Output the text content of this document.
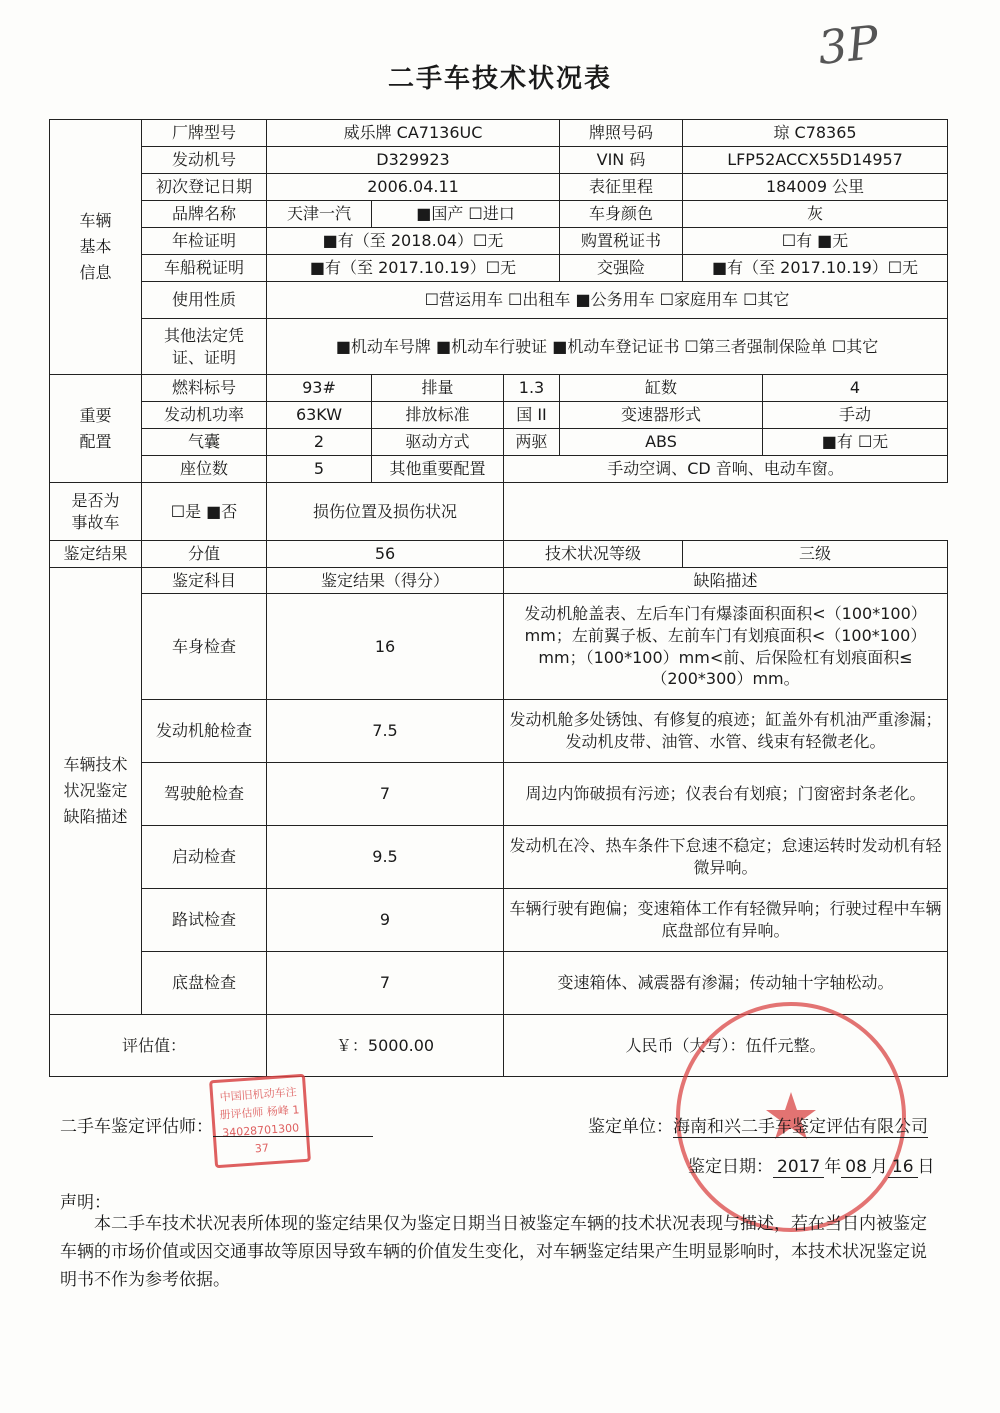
3P
二手车技术状况表
车辆
基本
信息	厂牌型号	威乐牌 CA7136UC			牌照号码	琼 C78365	
	发动机号	D329923			VIN 码	LFP52ACCX55D14957	
	初次登记日期	2006.04.11			表征里程	184009 公里	
	品牌名称	天津一汽	■国产 ☐进口		车身颜色	灰	
	年检证明	■有（至 2018.04）☐无			购置税证书	☐有 ■无	
	车船税证明	■有（至 2017.10.19）☐无			交强险	■有（至 2017.10.19）☐无	
	使用性质	☐营运用车 ☐出租车 ■公务用车 ☐家庭用车 ☐其它					
	其他法定凭
证、证明	■机动车号牌 ■机动车行驶证 ■机动车登记证书 ☐第三者强制保险单 ☐其它					
重要
配置	燃料标号	93#	排量	1.3	缸数		4
	发动机功率	63KW	排放标准	国 II	变速器形式		手动
	气囊	2	驱动方式	两驱	ABS		■有 ☐无
	座位数	5	其他重要配置	手动空调、CD 音响、电动车窗。			
是否为
事故车	☐是 ■否	损伤位置及损伤状况					
鉴定结果	分值	56		技术状况等级		三级	
车辆技术
状况鉴定
缺陷描述	鉴定科目	鉴定结果（得分）		缺陷描述			
	车身检查	16		发动机舱盖表、左后车门有爆漆面积面积<（100*100）mm；左前翼子板、左前车门有划痕面积<（100*100）mm；（100*100）mm<前、后保险杠有划痕面积≤（200*300）mm。			
	发动机舱检查	7.5		发动机舱多处锈蚀、有修复的痕迹；缸盖外有机油严重渗漏；发动机皮带、油管、水管、线束有轻微老化。			
	驾驶舱检查	7		周边内饰破损有污迹；仪表台有划痕；门窗密封条老化。			
	启动检查	9.5		发动机在冷、热车条件下怠速不稳定；怠速运转时发动机有轻微异响。			
	路试检查	9		车辆行驶有跑偏；变速箱体工作有轻微异响；行驶过程中车辆底盘部位有异响。			
	底盘检查	7		变速箱体、减震器有渗漏；传动轴十字轴松动。			
评估值：		￥：5000.00		人民币（大写）：伍仟元整。			
中国旧机动车注册评估师 杨峰 13402870130037
二手车鉴定评估师：	鉴定单位：海南和兴二手车鉴定评估有限公司
鉴定日期： 2017 年 08 月 16 日
声明：
本二手车技术状况表所体现的鉴定结果仅为鉴定日期当日被鉴定车辆的技术状况表现与描述，若在当日内被鉴定车辆的市场价值或因交通事故等原因导致车辆的价值发生变化，对车辆鉴定结果产生明显影响时，本技术状况鉴定说明书不作为参考依据。
